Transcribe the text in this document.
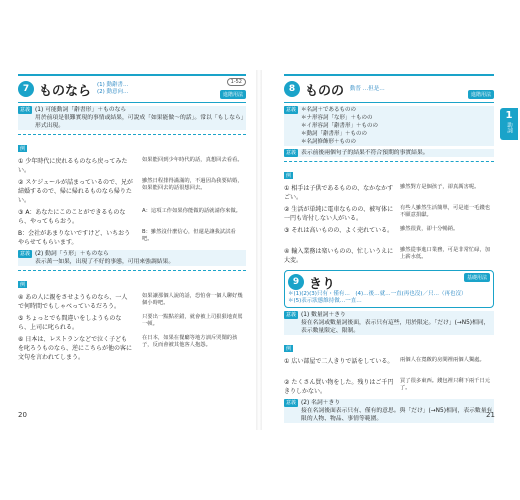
7 ものなら (1) 動辭書…
(2) 動意向…
1-52
進階用法
意義 (1) 可能動詞「辭書形」＋ものなら
用於前項是很難實現的事情或結果，可說成「如果能做～的話」。常以「もしなら」形式出現。
例
① 少年時代に戻れるものなら戻ってみたい。
如果能回到少年時代的話，真想回去看看。
② スケジュールが詰まっているので、兄が結婚するので、帰に帰れるものなら帰りたい。
雖然日程排得滿滿的，不過因為我要結婚，如果能回去的話很想回去。
③ A：あなたにこのことができるものなら、やってもらおう。
A：這項工作如果你能做的話就請你來做。
B：会社があまりないですけど、いちおうやらせてもらいます。
B：雖然沒什麼信心，但還是讓我試試看吧。
意義 (2) 動詞「う形」＋ものなら
表示萬一如果，出現了不好的事態，可用來強調結果。
例
④ あの人に親をさせようものなら、一人で何時間でもしゃべっているだろう。
如果讓那個人說的話，恐怕會一個人聊好幾個小時吧。
⑤ ちょっとでも間違いをしようものなら、上司に叱られる。
只要出一點點差錯，就會被上司狠狠地責罵一頓。
⑥ 日本は、レストランなどで泣く子どもを叱ろうものなら、逆にこちらが他の客に文句を言われてしまう。
在日本，如果在餐廳等地方訓斥哭鬧的孩子，反而會被其他客人抱怨。
8 ものの 動普 …但是…
進階用法
意義 ＊名詞＋であるものの
＊ナ形容詞「な形」＋ものの
＊イ形容詞「辭書形」＋ものの
＊動詞「辭書形」＋ものの
＊名詞修飾形＋ものの
意義 表示前後兩個句子的結果不符合預期的事實結果。
例
① 相手は子供であるものの、なかなかすごい。
雖然對方是個孩子，卻真厲害呢。
② 生活が単純に電車なものの、被写体に一円も寄付しない人がいる。
有些人雖然生活簡單，可是連一毛錢也不願意捐獻。
③ それは高いものの、よく売れている。 雖然很貴，卻十分暢銷。
④ 輸入業務は楽いものの、忙しいうえに大変。
雖然從事進口業務，可是非常忙碌，加上薪水低。
9 きり	基礎用法
＊(1)(2)(3)只有・僅有…　(4)…後…就…一直(再也沒)／只…（再也沒）
＊(5)表示狀態維持做…一直…
意義 (1) 數量詞＋きり
接在名詞或數量詞後面，表示只有這些，用於限定。「だけ」(→N5)相同，表示數量限定、限制。
例
① 広い部屋で二人きりで話をしている。 兩個人在寬敞的房間裡兩個人獨處。
② たくさん買い物をした。残りはご千円きりしかない。
買了很多東西。錢包裡只剩下兩千日元了。
意義 (2) 名詞＋きり
接在名詞後面表示只有、僅有的意思。與「だけ」(→N5)相同，表示數量有限的人物、物品、事情等範圍。
1
助詞
20	21
